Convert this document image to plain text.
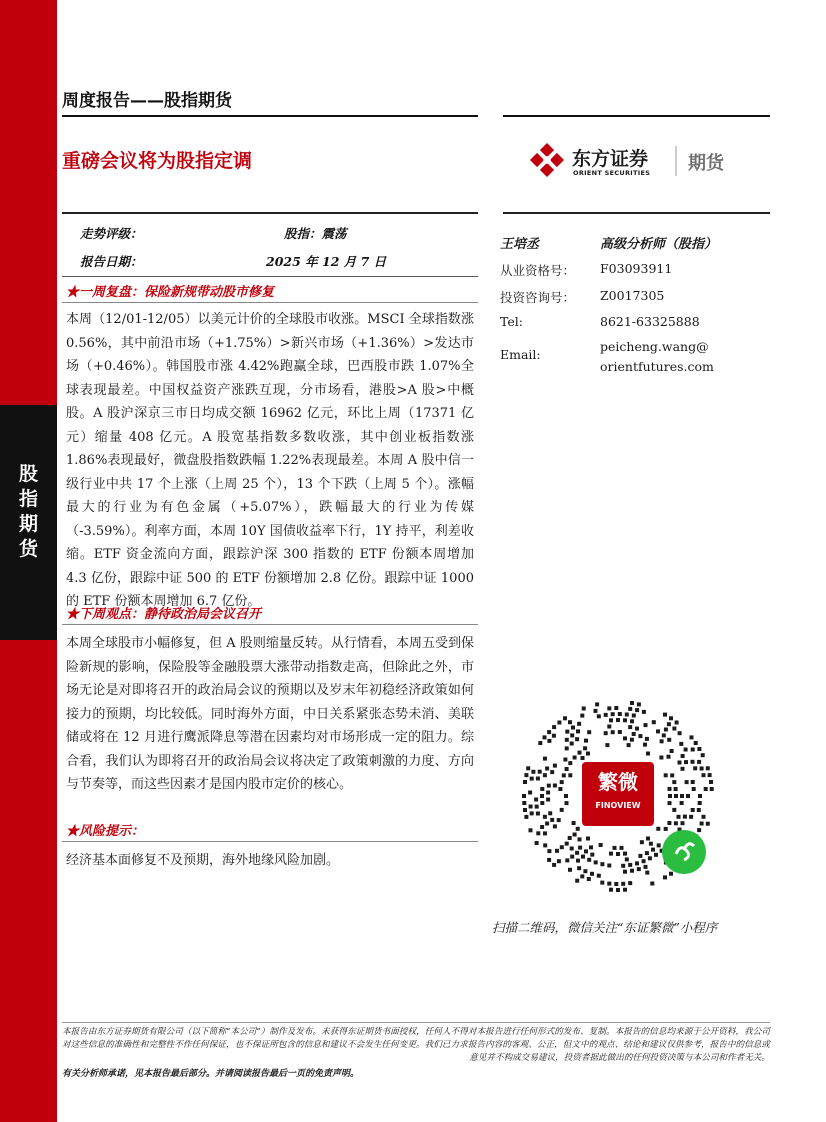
股
指
期
货
周度报告——股指期货
重磅会议将为股指定调	东方证券
ORIENT SECURITIES 期货
走势评级：	股指：震荡
报告日期：	2025 年 12 月 7 日
★一周复盘：保险新规带动股市修复
本周（12/01-12/05）以美元计价的全球股市收涨。MSCI 全球指数涨 0.56%，其中前沿市场（+1.75%）>新兴市场（+1.36%）>发达市场（+0.46%）。韩国股市涨 4.42%跑赢全球，巴西股市跌 1.07%全球表现最差。中国权益资产涨跌互现，分市场看，港股>A 股>中概股。A 股沪深京三市日均成交额 16962 亿元，环比上周（17371 亿元）缩量 408 亿元。A 股宽基指数多数收涨，其中创业板指数涨 1.86%表现最好，微盘股指数跌幅 1.22%表现最差。本周 A 股中信一级行业中共 17 个上涨（上周 25 个），13 个下跌（上周 5 个）。涨幅最大的行业为有色金属（+5.07%），跌幅最大的行业为传媒（-3.59%）。利率方面，本周 10Y 国债收益率下行，1Y 持平，利差收缩。ETF 资金流向方面，跟踪沪深 300 指数的 ETF 份额本周增加 4.3 亿份，跟踪中证 500 的 ETF 份额增加 2.8 亿份。跟踪中证 1000 的 ETF 份额本周增加 6.7 亿份。
★下周观点：静待政治局会议召开
本周全球股市小幅修复，但 A 股则缩量反转。从行情看，本周五受到保险新规的影响，保险股等金融股票大涨带动指数走高，但除此之外，市场无论是对即将召开的政治局会议的预期以及岁末年初稳经济政策如何接力的预期，均比较低。同时海外方面，中日关系紧张态势未消、美联储或将在 12 月进行鹰派降息等潜在因素均对市场形成一定的阻力。综合看，我们认为即将召开的政治局会议将决定了政策刺激的力度、方向与节奏等，而这些因素才是国内股市定价的核心。
★风险提示：
经济基本面修复不及预期，海外地缘风险加剧。
王培丞	高级分析师（股指）
从业资格号： F03093911
投资咨询号： Z0017305
Tel:	8621-63325888
Email:
peicheng.wang@ orientfutures.com
繁微
FINOVIEW
扫描二维码，微信关注“东证繁微”小程序
本报告由东方证券期货有限公司（以下简称“本公司”）制作及发布。未获得东证期货书面授权，任何人不得对本报告进行任何形式的发布、复制。本报告的信息均来源于公开资料，我公司对这些信息的准确性和完整性不作任何保证，也不保证所包含的信息和建议不会发生任何变更。我们已力求报告内容的客观、公正，但文中的观点、结论和建议仅供参考，报告中的信息或意见并不构成交易建议，投资者据此做出的任何投资决策与本公司和作者无关。
有关分析师承诺，见本报告最后部分。并请阅读报告最后一页的免责声明。
